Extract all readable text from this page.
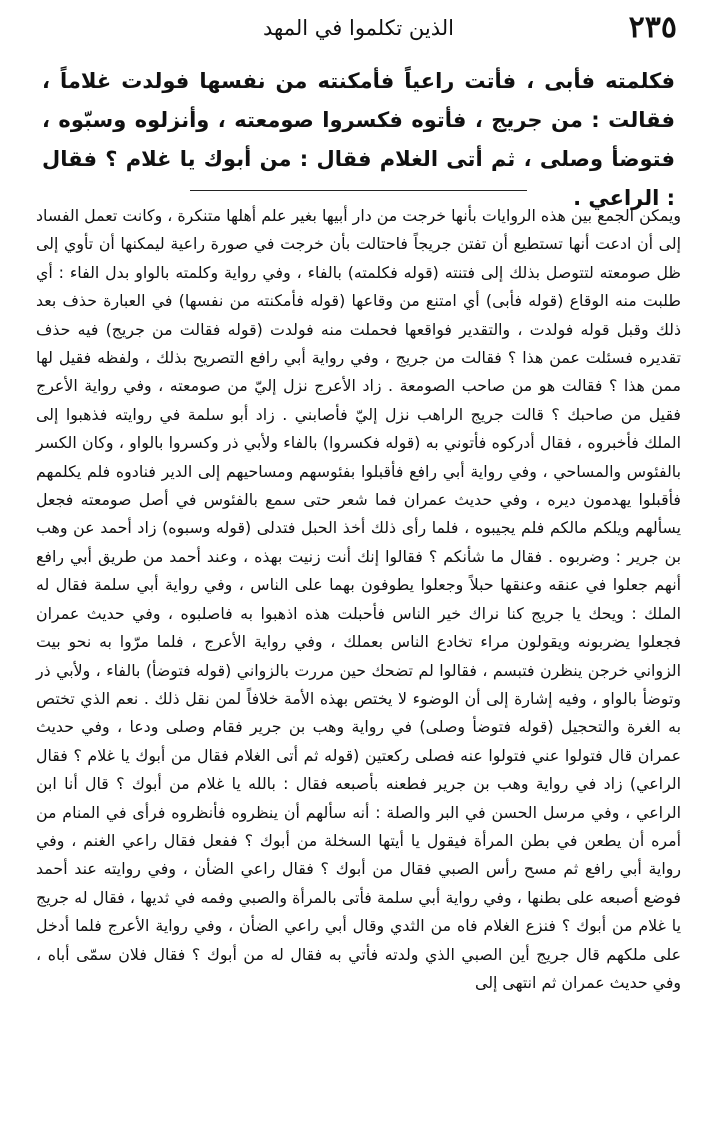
٢٣٥
الذين تكلموا في المهد

فكلمته فأبى ، فأتت راعياً فأمكنته من نفسها فولدت غلاماً ، فقالت : من جريج ، فأتوه فكسروا صومعته ، وأنزلوه وسبّوه ، فتوضأ وصلى ، ثم أتى الغلام فقال : من أبوك يا غلام ؟ فقال : الراعي .

ويمكن الجمع بين هذه الروايات بأنها خرجت من دار أبيها بغير علم أهلها متنكرة ، وكانت تعمل الفساد إلى أن ادعت أنها تستطيع أن تفتن جريجاً فاحتالت بأن خرجت في صورة راعية ليمكنها أن تأوي إلى ظل صومعته لتتوصل بذلك إلى فتنته (قوله فكلمته) بالفاء ، وفي رواية وكلمته بالواو بدل الفاء : أي طلبت منه الوقاع (قوله فأبى) أي امتنع من وقاعها (قوله فأمكنته من نفسها) في العبارة حذف بعد ذلك وقبل قوله فولدت ، والتقدير فواقعها فحملت منه فولدت (قوله فقالت من جريج) فيه حذف تقديره فسئلت عمن هذا ؟ فقالت من جريج ، وفي رواية أبي رافع التصريح بذلك ، ولفظه فقيل لها ممن هذا ؟ فقالت هو من صاحب الصومعة . زاد الأعرج نزل إليّ من صومعته ، وفي رواية الأعرج فقيل من صاحبك ؟ قالت جريج الراهب نزل إليّ فأصابني . زاد أبو سلمة في روايته فذهبوا إلى الملك فأخبروه ، فقال أدركوه فأتوني به (قوله فكسروا) بالفاء ولأبي ذر وكسروا بالواو ، وكان الكسر بالفئوس والمساحي ، وفي رواية أبي رافع فأقبلوا بفئوسهم ومساحيهم إلى الدير فنادوه فلم يكلمهم فأقبلوا يهدمون ديره ، وفي حديث عمران فما شعر حتى سمع بالفئوس في أصل صومعته فجعل يسألهم ويلكم مالكم فلم يجيبوه ، فلما رأى ذلك أخذ الحبل فتدلى (قوله وسبوه) زاد أحمد عن وهب بن جرير : وضربوه . فقال ما شأنكم ؟ فقالوا إنك أنت زنيت بهذه ، وعند أحمد من طريق أبي رافع أنهم جعلوا في عنقه وعنقها حبلاً وجعلوا يطوفون بهما على الناس ، وفي رواية أبي سلمة فقال له الملك : ويحك يا جريج كنا نراك خير الناس فأحبلت هذه اذهبوا به فاصلبوه ، وفي حديث عمران فجعلوا يضربونه ويقولون مراء تخادع الناس بعملك ، وفي رواية الأعرج ، فلما مرّوا به نحو بيت الزواني خرجن ينظرن فتبسم ، فقالوا لم تضحك حين مررت بالزواني (قوله فتوضأ) بالفاء ، ولأبي ذر وتوضأ بالواو ، وفيه إشارة إلى أن الوضوء لا يختص بهذه الأمة خلافاً لمن نقل ذلك . نعم الذي تختص به الغرة والتحجيل (قوله فتوضأ وصلى) في رواية وهب بن جرير فقام وصلى ودعا ، وفي حديث عمران قال فتولوا عني فتولوا عنه فصلى ركعتين (قوله ثم أتى الغلام فقال من أبوك يا غلام ؟ فقال الراعي) زاد في رواية وهب بن جرير فطعنه بأصبعه فقال : بالله يا غلام من أبوك ؟ قال أنا ابن الراعي ، وفي مرسل الحسن في البر والصلة : أنه سألهم أن ينظروه فأنظروه فرأى في المنام من أمره أن يطعن في بطن المرأة فيقول يا أيتها السخلة من أبوك ؟ ففعل فقال راعي الغنم ، وفي رواية أبي رافع ثم مسح رأس الصبي فقال من أبوك ؟ فقال راعي الضأن ، وفي روايته عند أحمد فوضع أصبعه على بطنها ، وفي رواية أبي سلمة فأتى بالمرأة والصبي وفمه في ثديها ، فقال له جريج يا غلام من أبوك ؟ فنزع الغلام فاه من الثدي وقال أبي راعي الضأن ، وفي رواية الأعرج فلما أدخل على ملكهم قال جريج أين الصبي الذي ولدته فأتي به فقال له من أبوك ؟ فقال فلان سمّى أباه ، وفي حديث عمران ثم انتهى إلى
